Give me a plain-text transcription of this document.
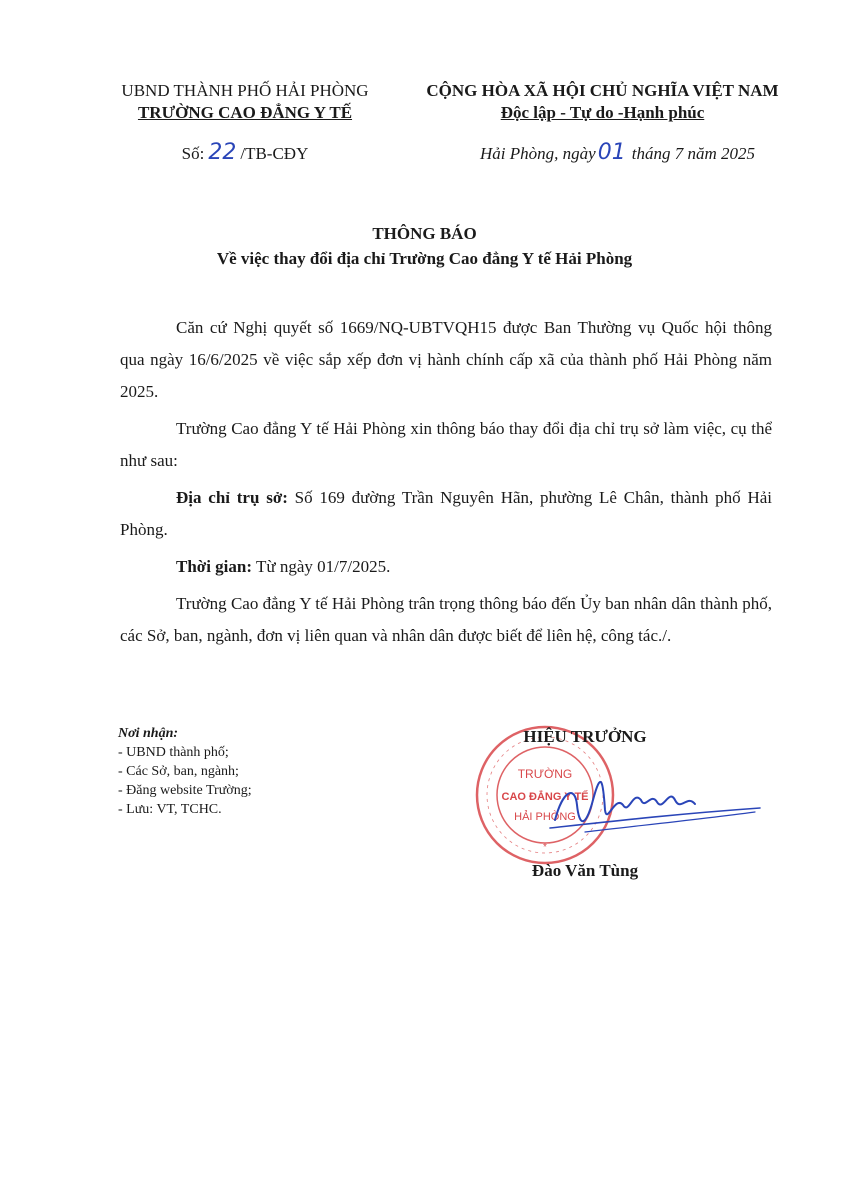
UBND THÀNH PHỐ HẢI PHÒNG
TRƯỜNG CAO ĐẲNG Y TẾ
Số: 22 /TB-CĐY
CỘNG HÒA XÃ HỘI CHỦ NGHĨA VIỆT NAM
Độc lập - Tự do -Hạnh phúc
Hải Phòng, ngày01 tháng 7 năm 2025
THÔNG BÁO
Về việc thay đổi địa chỉ Trường Cao đẳng Y tế Hải Phòng

Căn cứ Nghị quyết số 1669/NQ-UBTVQH15 được Ban Thường vụ Quốc hội thông qua ngày 16/6/2025 về việc sắp xếp đơn vị hành chính cấp xã của thành phố Hải Phòng năm 2025.

Trường Cao đẳng Y tế Hải Phòng xin thông báo thay đổi địa chỉ trụ sở làm việc, cụ thể như sau:

Địa chỉ trụ sở: Số 169 đường Trần Nguyên Hãn, phường Lê Chân, thành phố Hải Phòng.

Thời gian: Từ ngày 01/7/2025.

Trường Cao đẳng Y tế Hải Phòng trân trọng thông báo đến Ủy ban nhân dân thành phố, các Sở, ban, ngành, đơn vị liên quan và nhân dân được biết để liên hệ, công tác./.

Nơi nhận:
- UBND thành phố;
- Các Sở, ban, ngành;
- Đăng website Trường;
- Lưu: VT, TCHC.
TRƯỜNG
CAO ĐẲNG Y TẾ
HẢI PHÒNG
*
HIỆU TRƯỞNG
Đào Văn Tùng
